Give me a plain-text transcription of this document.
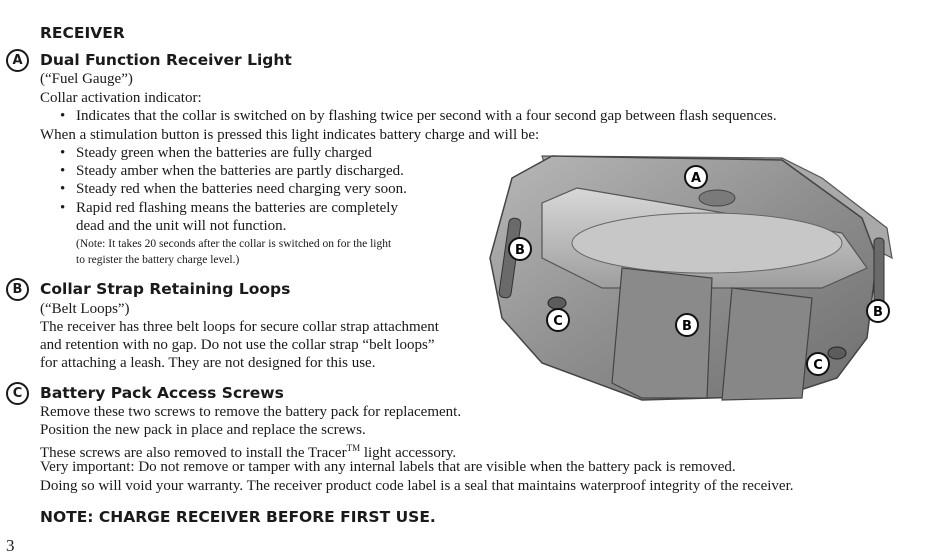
RECEIVER
A	Dual Function Receiver Light
(“Fuel Gauge”)
Collar activation indicator:
• Indicates that the collar is switched on by flashing twice per second with a four second gap between flash sequences.
When a stimulation button is pressed this light indicates battery charge and will be:
• Steady green when the batteries are fully charged
• Steady amber when the batteries are partly discharged.
• Steady red when the batteries need charging very soon.
• Rapid red flashing means the batteries are completely
dead and the unit will not function.
(Note: It takes 20 seconds after the collar is switched on for the light
to register the battery charge level.)
B	Collar Strap Retaining Loops
(“Belt Loops”)
The receiver has three belt loops for secure collar strap attachment
and retention with no gap. Do not use the collar strap “belt loops”
for attaching a leash. They are not designed for this use.
C	Battery Pack Access Screws
Remove these two screws to remove the battery pack for replacement.
Position the new pack in place and replace the screws.
These screws are also removed to install the Tracer™ light accessory.
Very important: Do not remove or tamper with any internal labels that are visible when the battery pack is removed.
Doing so will void your warranty. The receiver product code label is a seal that maintains waterproof integrity of the receiver.
NOTE: CHARGE RECEIVER BEFORE FIRST USE.
3
A
B
B
B
C
C
